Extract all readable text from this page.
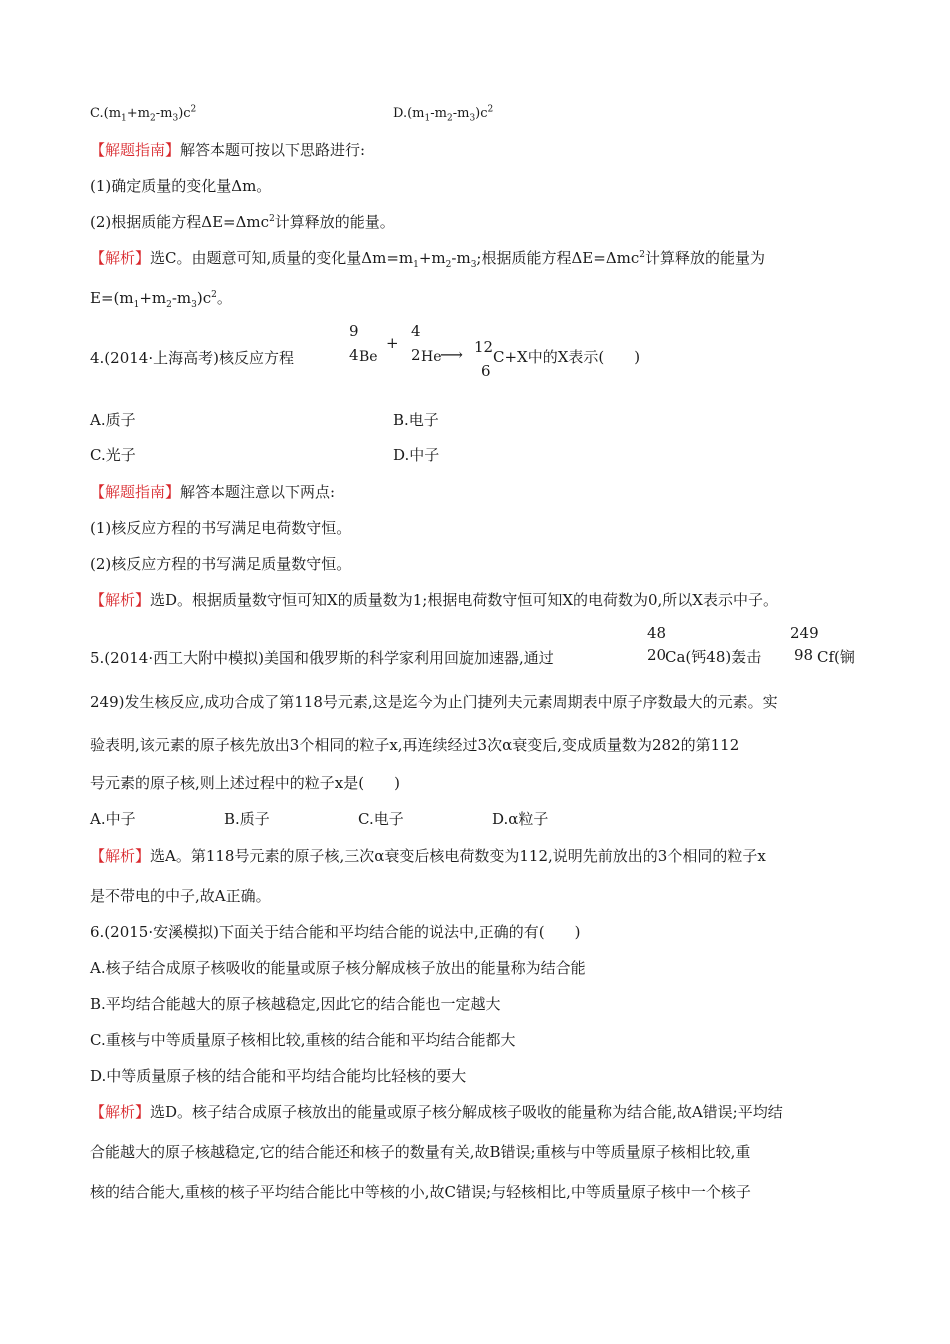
$C.(m_1+m_2-m_3)c^2$	$D.(m_1-m_2-m_3)c^2$
【解题指南】解答本题可按以下思路进行:
(1)确定质量的变化量Δm。
(2)根据质能方程ΔE=Δmc$^2$计算释放的能量。
【解析】选C。由题意可知,质量的变化量$\Delta m=m_1+m_2-m_3$;根据质能方程ΔE=Δmc$^2$计算释放的能量为
$E=(m_1+m_2-m_3)c^2$。
4.(2014·上海高考)核反应方程
9
4 Be
+
4
2 He
⟶ 12
6
C+X中的X表示(　　)
A.质子	B.电子
C.光子	D.中子
【解题指南】解答本题注意以下两点:
(1)核反应方程的书写满足电荷数守恒。
(2)核反应方程的书写满足质量数守恒。
【解析】选D。根据质量数守恒可知X的质量数为1;根据电荷数守恒可知X的电荷数为0,所以X表示中子。
5.(2014·西工大附中模拟)美国和俄罗斯的科学家利用回旋加速器,通过
48
20
Ca(钙48)轰击
249
98 Cf(锎
249)发生核反应,成功合成了第118号元素,这是迄今为止门捷列夫元素周期表中原子序数最大的元素。实
验表明,该元素的原子核先放出3个相同的粒子x,再连续经过3次α衰变后,变成质量数为282的第112
号元素的原子核,则上述过程中的粒子x是(　　)
A.中子	B.质子	C.电子	D.α粒子
【解析】选A。第118号元素的原子核,三次α衰变后核电荷数变为112,说明先前放出的3个相同的粒子x
是不带电的中子,故A正确。
6.(2015·安溪模拟)下面关于结合能和平均结合能的说法中,正确的有(　　)
A.核子结合成原子核吸收的能量或原子核分解成核子放出的能量称为结合能
B.平均结合能越大的原子核越稳定,因此它的结合能也一定越大
C.重核与中等质量原子核相比较,重核的结合能和平均结合能都大
D.中等质量原子核的结合能和平均结合能均比轻核的要大
【解析】选D。核子结合成原子核放出的能量或原子核分解成核子吸收的能量称为结合能,故A错误;平均结
合能越大的原子核越稳定,它的结合能还和核子的数量有关,故B错误;重核与中等质量原子核相比较,重
核的结合能大,重核的核子平均结合能比中等核的小,故C错误;与轻核相比,中等质量原子核中一个核子
